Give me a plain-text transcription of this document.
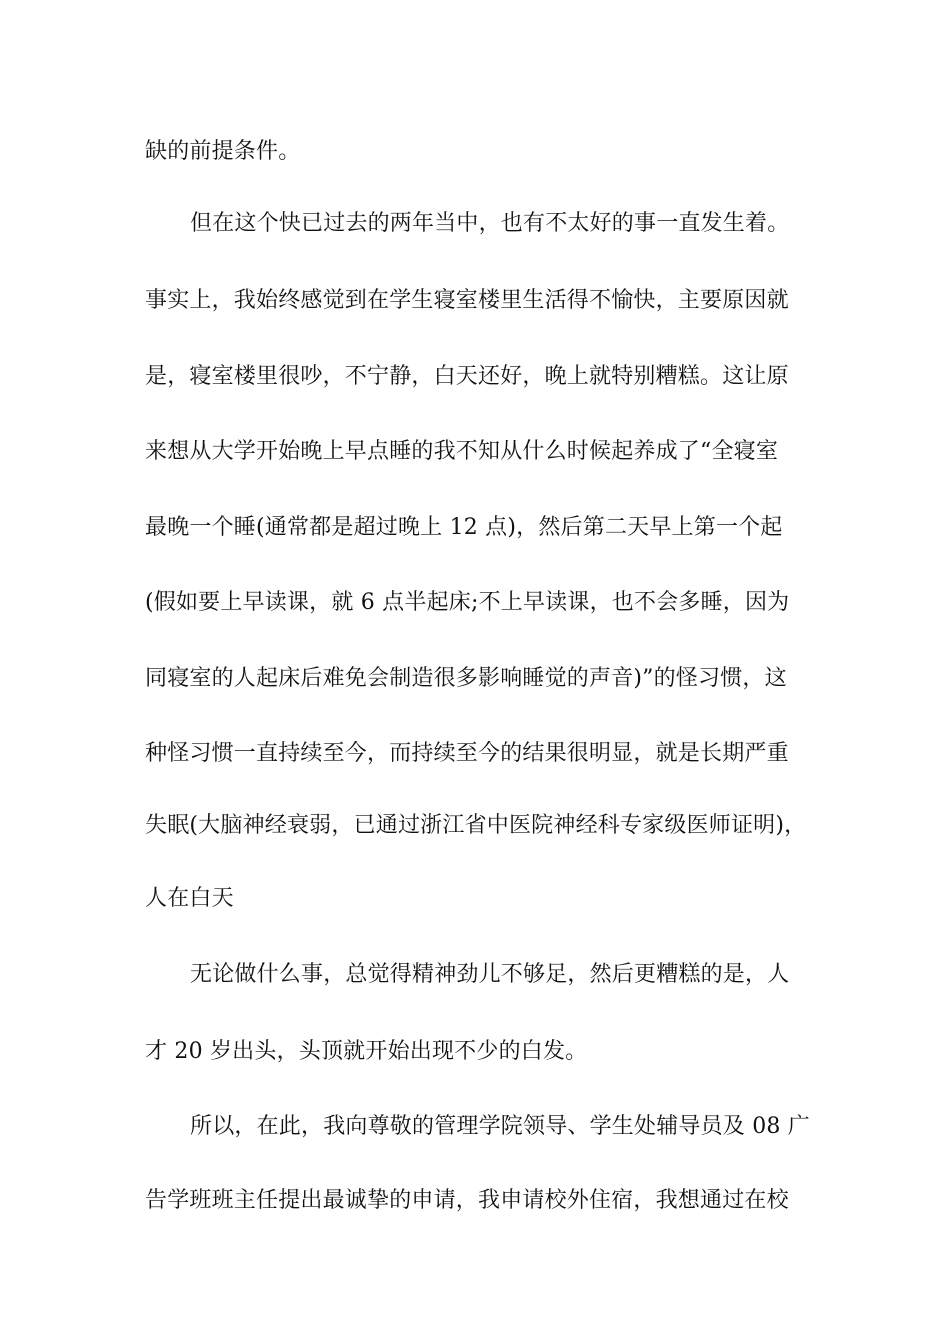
缺的前提条件。
但在这个快已过去的两年当中，也有不太好的事一直发生着。
事实上，我始终感觉到在学生寝室楼里生活得不愉快，主要原因就
是，寝室楼里很吵，不宁静，白天还好，晚上就特别糟糕。这让原
来想从大学开始晚上早点睡的我不知从什么时候起养成了“全寝室
最晚一个睡(通常都是超过晚上 12 点)，然后第二天早上第一个起
(假如要上早读课，就 6 点半起床;不上早读课，也不会多睡，因为
同寝室的人起床后难免会制造很多影响睡觉的声音)”的怪习惯，这
种怪习惯一直持续至今，而持续至今的结果很明显，就是长期严重
失眠(大脑神经衰弱，已通过浙江省中医院神经科专家级医师证明)，
人在白天
无论做什么事，总觉得精神劲儿不够足，然后更糟糕的是，人
才 20 岁出头，头顶就开始出现不少的白发。
所以，在此，我向尊敬的管理学院领导、学生处辅导员及 08 广
告学班班主任提出最诚挚的申请，我申请校外住宿，我想通过在校
